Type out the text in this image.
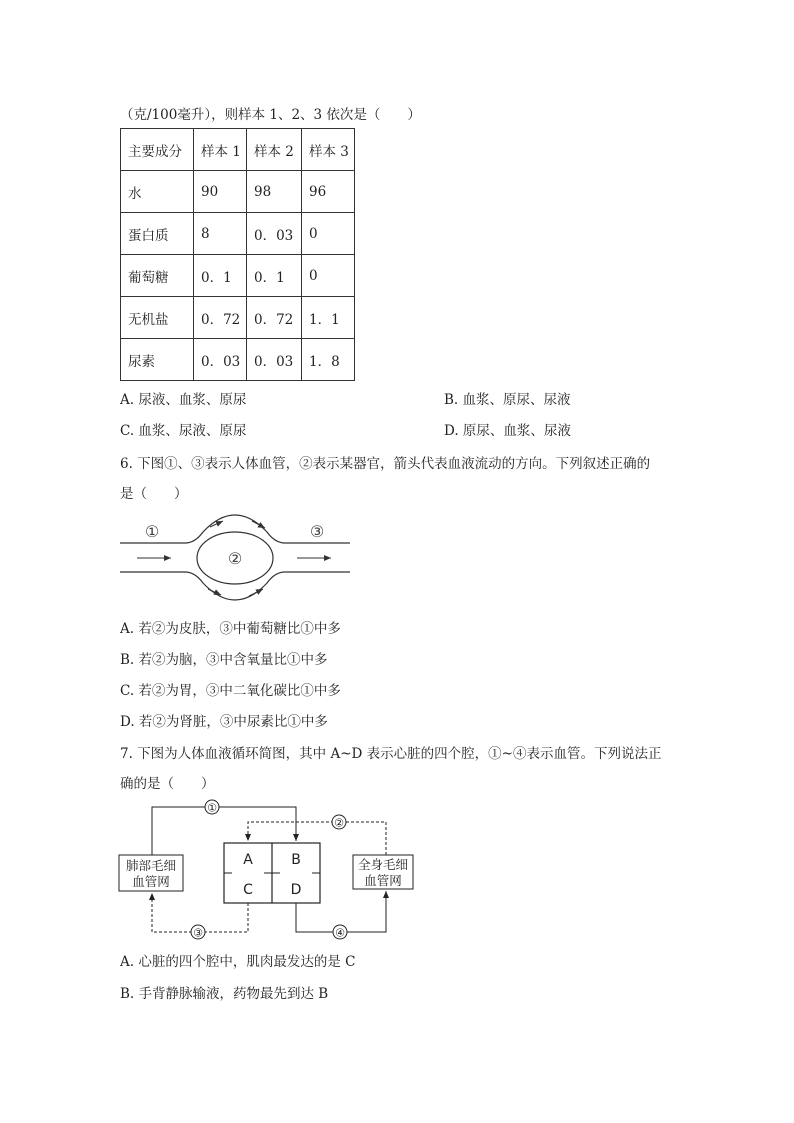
（克/100毫升），则样本 1、2、3 依次是（　　）
主要成分	样本 1	样本 2	样本 3
水	90	98	96
蛋白质	8	0．03	0
葡萄糖	0．1	0．1	0
无机盐	0．72	0．72	1．1
尿素	0．03	0．03	1．8
A. 尿液、血浆、原尿	B. 血浆、原尿、尿液
C. 血浆、尿液、原尿	D. 原尿、血浆、尿液
6. 下图①、③表示人体血管，②表示某器官，箭头代表血液流动的方向。下列叙述正确的
是（　　）
①
②
③
A. 若②为皮肤，③中葡萄糖比①中多
B. 若②为脑，③中含氧量比①中多
C. 若②为胃，③中二氧化碳比①中多
D. 若②为肾脏，③中尿素比①中多
7. 下图为人体血液循环简图，其中 A~D 表示心脏的四个腔，①~④表示血管。下列说法正
确的是（　　）
A	B
C	D
肺部毛细
血管网
全身毛细
血管网
①
②
③	④
A. 心脏的四个腔中，肌肉最发达的是 C
B. 手背静脉输液，药物最先到达 B
